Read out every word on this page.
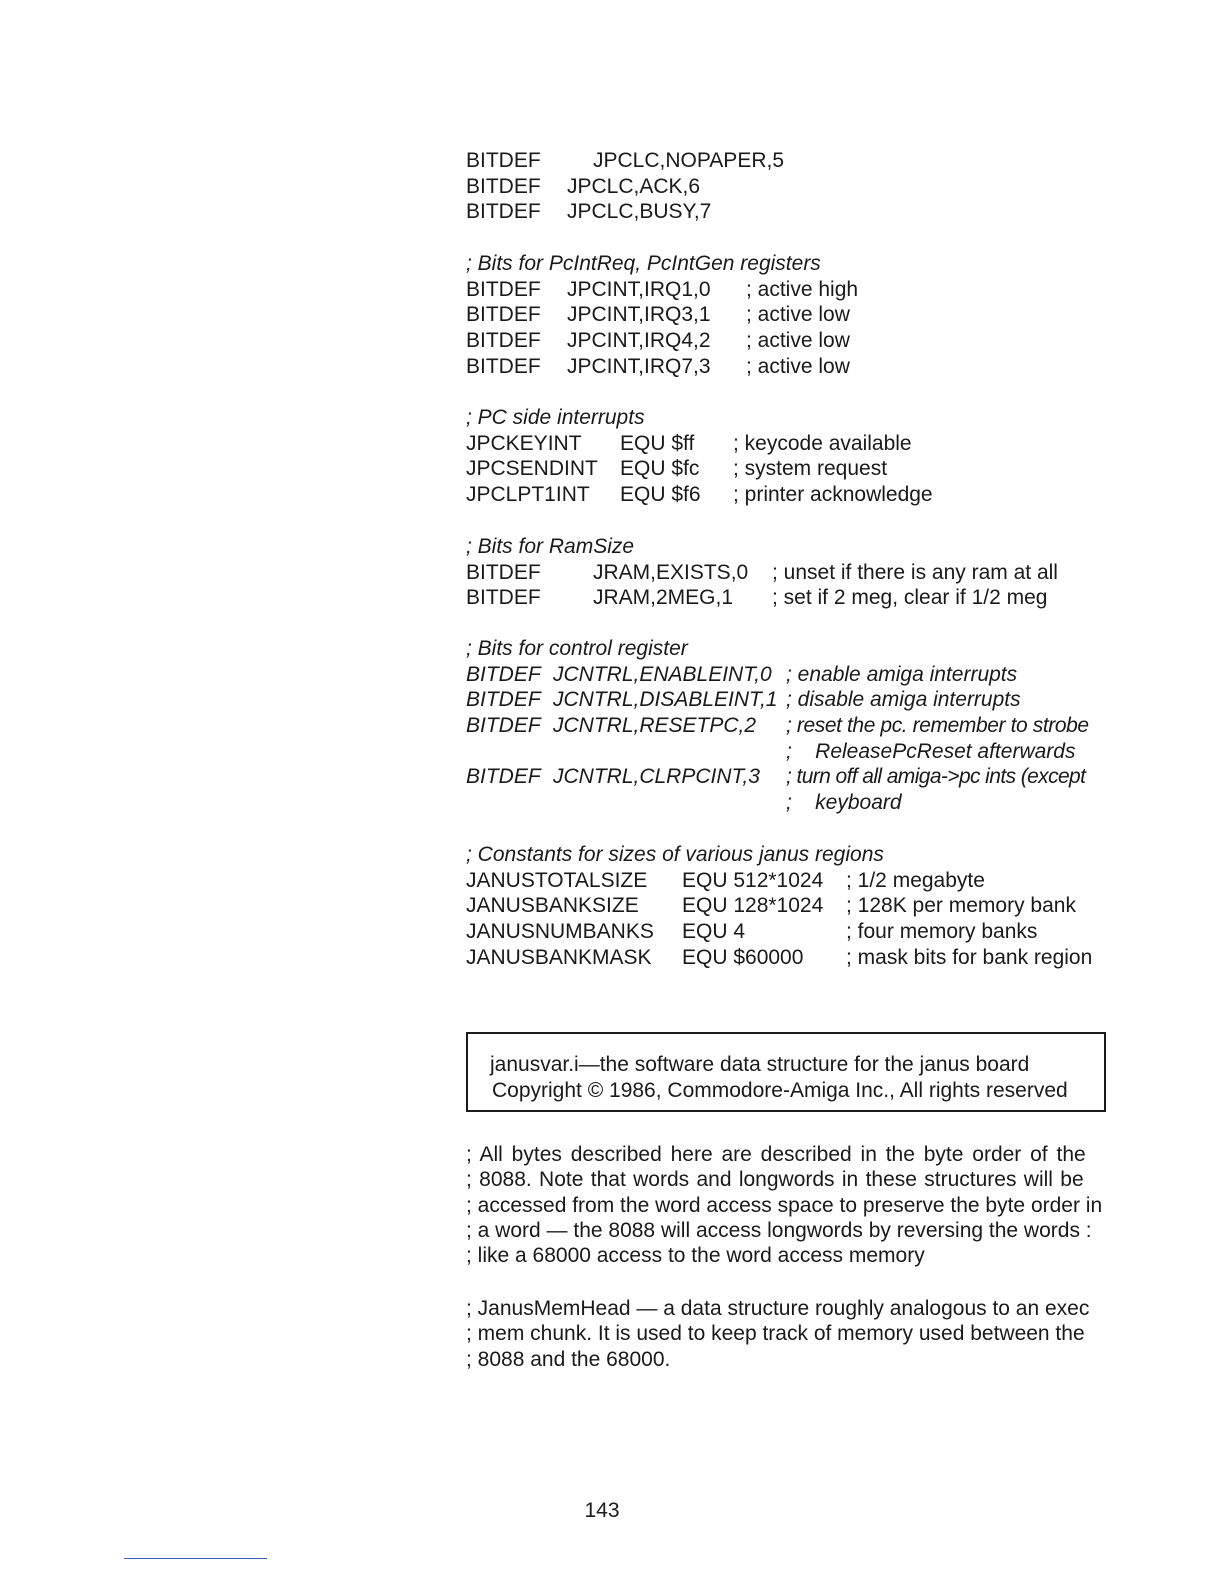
BITDEF JPCLC,NOPAPER,5
BITDEF JPCLC,ACK,6
BITDEF JPCLC,BUSY,7
; Bits for PcIntReq, PcIntGen registers
BITDEF JPCINT,IRQ1,0 ; active high
BITDEF JPCINT,IRQ3,1 ; active low
BITDEF JPCINT,IRQ4,2 ; active low
BITDEF JPCINT,IRQ7,3 ; active low
; PC side interrupts
JPCKEYINT EQU $ff ; keycode available
JPCSENDINT EQU $fc ; system request
JPCLPT1INT EQU $f6 ; printer acknowledge
; Bits for RamSize
BITDEF JRAM,EXISTS,0 ; unset if there is any ram at all
BITDEF JRAM,2MEG,1 ; set if 2 meg, clear if 1/2 meg
; Bits for control register
BITDEF JCNTRL,ENABLEINT,0 ; enable amiga interrupts
BITDEF JCNTRL,DISABLEINT,1 ; disable amiga interrupts
BITDEF JCNTRL,RESETPC,2 ; reset the pc. remember to strobe
;    ReleasePcReset afterwards
BITDEF JCNTRL,CLRPCINT,3 ; turn off all amiga->pc ints (except
;    keyboard
; Constants for sizes of various janus regions
JANUSTOTALSIZE EQU 512*1024 ; 1/2 megabyte
JANUSBANKSIZE EQU 128*1024 ; 128K per memory bank
JANUSNUMBANKS EQU 4	; four memory banks
JANUSBANKMASK EQU $60000 ; mask bits for bank region
janusvar.i—the software data structure for the janus board
Copyright © 1986, Commodore-Amiga Inc., All rights reserved
; All bytes described here are described in the byte order of the
; 8088. Note that words and longwords in these structures will be
; accessed from the word access space to preserve the byte order in
; a word — the 8088 will access longwords by reversing the words :
; like a 68000 access to the word access memory
; JanusMemHead — a data structure roughly analogous to an exec
; mem chunk. It is used to keep track of memory used between the
; 8088 and the 68000.
143
